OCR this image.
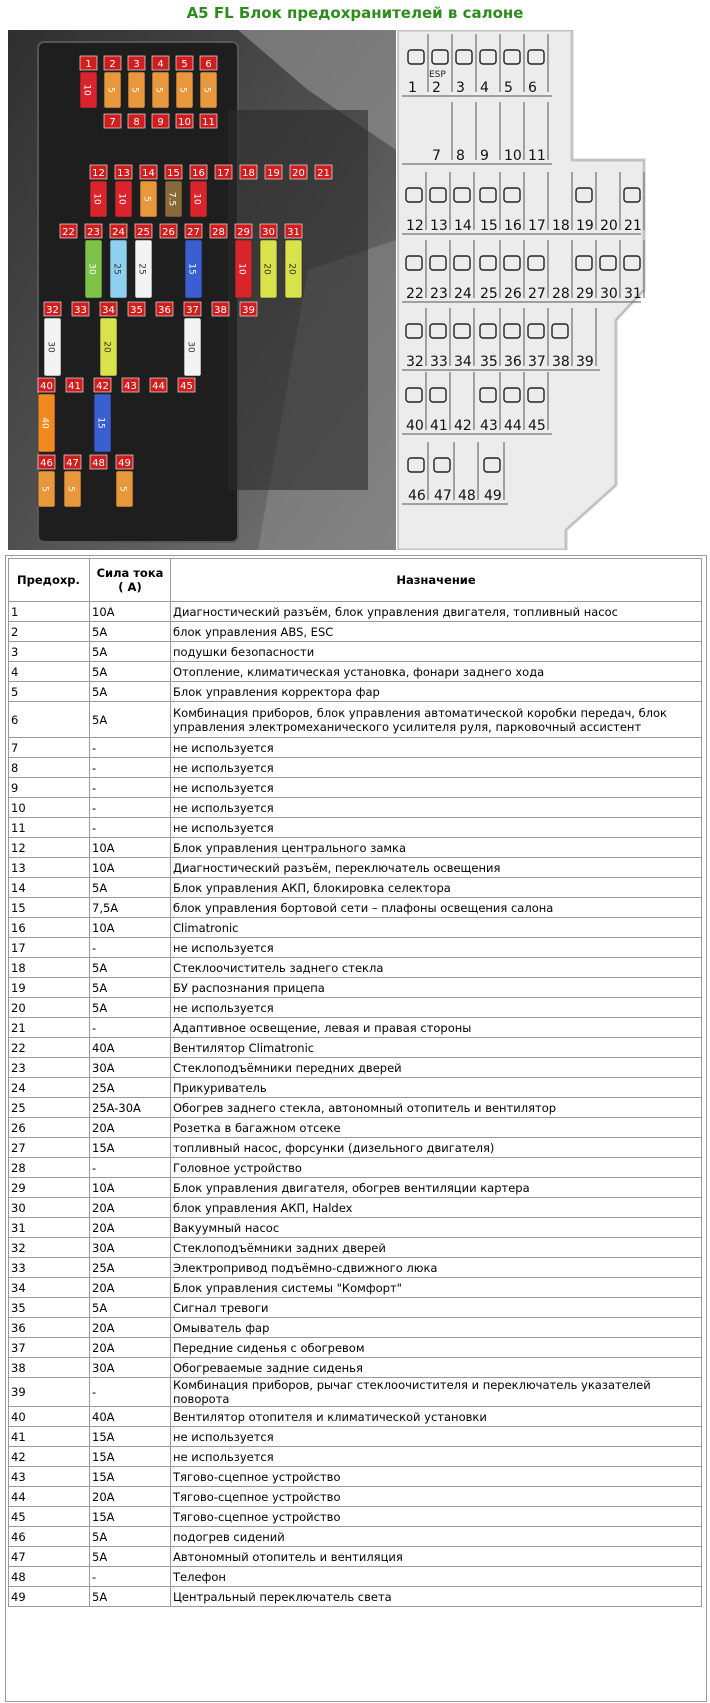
A5 FL Блок предохранителей в салоне
1 2 3 4 5 6
7 8 9 10 11
12 13 14 15 16 17 18 19 20 21
22 23 24 25 26 27 28 29 30 31
32 33 34 35 36 37 38 39
40 41 42 43 44 45
46 47 48 49
10 5 5 5 5 5
10 10 5 7.5 10
30 25 25	15	10 20 20
30	20	30
40	15
5 5	5
1 2 3 4 5 6
7 8 9 10 11
12 13 14 15 16 17 18 19 20 21
22 23 24 25 26 27 28 29 30 31
32 33 34 35 36 37 38 39
40 41 42 43 44 45
46 47 48 49
ESP
Предохр.	Сила тока ( А)	Назначение
1	10A	Диагностический разъём, блок управления двигателя, топливный насос
2	5A	блок управления ABS, ESC
3	5A	подушки безопасности
4	5A	Отопление, климатическая установка, фонари заднего хода
5	5A	Блок управления корректора фар
6	5A	Комбинация приборов, блок управления автоматической коробки передач, блок управления электромеханического усилителя руля, парковочный ассистент
7	-	не используется
8	-	не используется
9	-	не используется
10	-	не используется
11	-	не используется
12	10A	Блок управления центрального замка
13	10A	Диагностический разъём, переключатель освещения
14	5A	Блок управления АКП, блокировка селектора
15	7,5A	блок управления бортовой сети – плафоны освещения салона
16	10A	Climatronic
17	-	не используется
18	5A	Стеклоочиститель заднего стекла
19	5A	БУ распознания прицепа
20	5A	не используется
21	-	Адаптивное освещение, левая и правая стороны
22	40A	Вентилятор Climatronic
23	30A	Стеклоподъёмники передних дверей
24	25A	Прикуриватель
25	25A-30A	Обогрев заднего стекла, автономный отопитель и вентилятор
26	20A	Розетка в багажном отсеке
27	15A	топливный насос, форсунки (дизельного двигателя)
28	-	Головное устройство
29	10A	Блок управления двигателя, обогрев вентиляции картера
30	20A	блок управления АКП, Haldex
31	20A	Вакуумный насос
32	30A	Стеклоподъёмники задних дверей
33	25A	Электропривод подъёмно-сдвижного люка
34	20A	Блок управления системы "Комфорт"
35	5A	Сигнал тревоги
36	20A	Омыватель фар
37	20A	Передние сиденья с обогревом
38	30A	Обогреваемые задние сиденья
39	-	Комбинация приборов, рычаг стеклоочистителя и переключатель указателей поворота
40	40A	Вентилятор отопителя и климатической установки
41	15A	не используется
42	15A	не используется
43	15A	Тягово-сцепное устройство
44	20A	Тягово-сцепное устройство
45	15A	Тягово-сцепное устройство
46	5A	подогрев сидений
47	5A	Автономный отопитель и вентиляция
48	-	Телефон
49	5A	Центральный переключатель света
